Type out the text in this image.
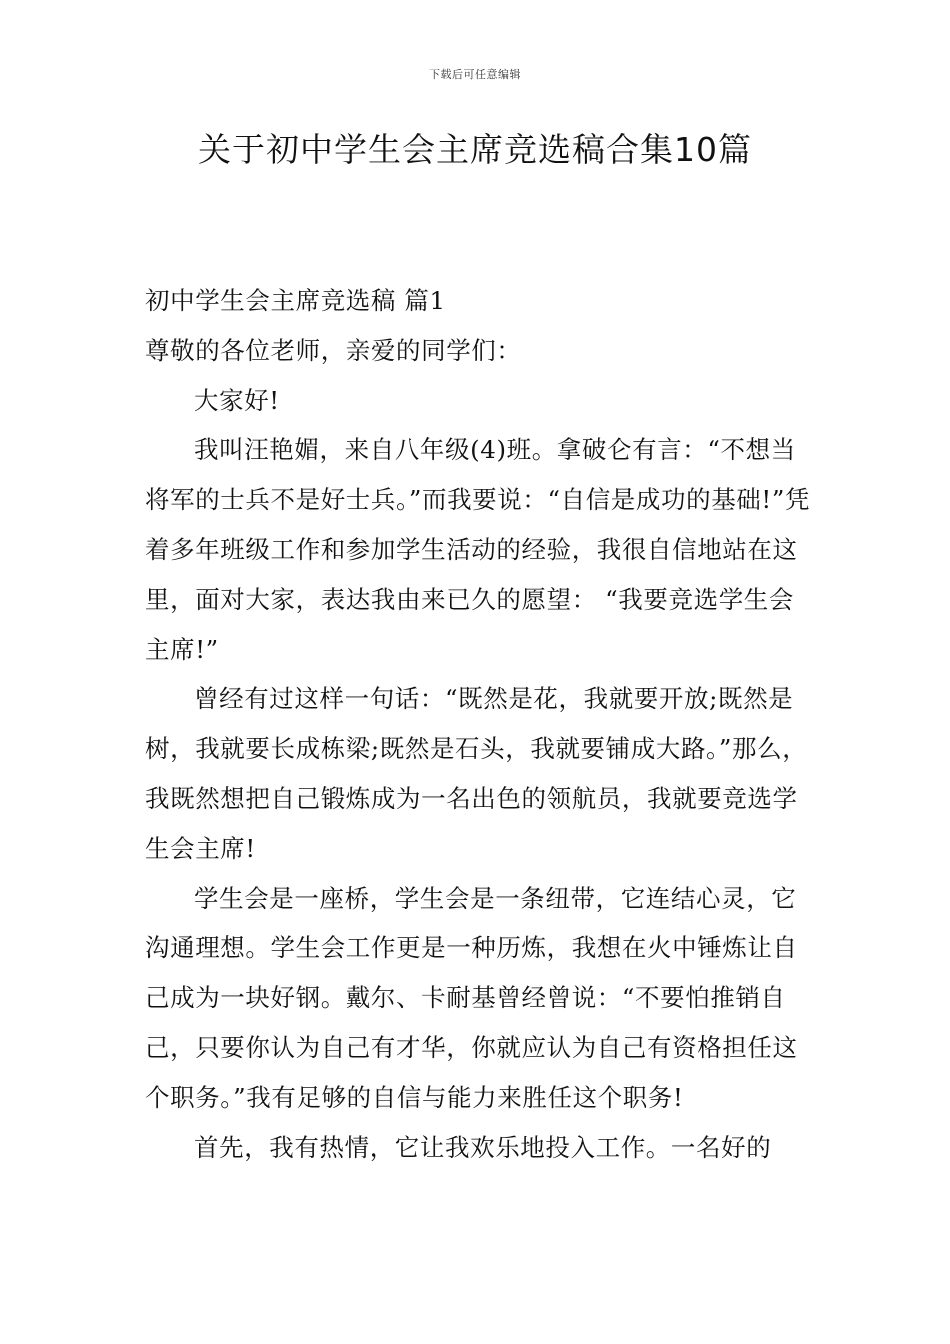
下载后可任意编辑
关于初中学生会主席竞选稿合集10篇

初中学生会主席竞选稿 篇1

尊敬的各位老师，亲爱的同学们：

大家好!

我叫汪艳媚，来自八年级(4)班。拿破仑有言：“不想当将军的士兵不是好士兵。”而我要说：“自信是成功的基础!”凭着多年班级工作和参加学生活动的经验，我很自信地站在这里，面对大家，表达我由来已久的愿望： “我要竞选学生会主席!”

曾经有过这样一句话：“既然是花，我就要开放;既然是树，我就要长成栋梁;既然是石头，我就要铺成大路。”那么，我既然想把自己锻炼成为一名出色的领航员，我就要竞选学生会主席!

学生会是一座桥，学生会是一条纽带，它连结心灵，它沟通理想。学生会工作更是一种历炼，我想在火中锤炼让自己成为一块好钢。戴尔、卡耐基曾经曾说：“不要怕推销自己，只要你认为自己有才华，你就应认为自己有资格担任这个职务。”我有足够的自信与能力来胜任这个职务!

首先，我有热情，它让我欢乐地投入工作。一名好的
